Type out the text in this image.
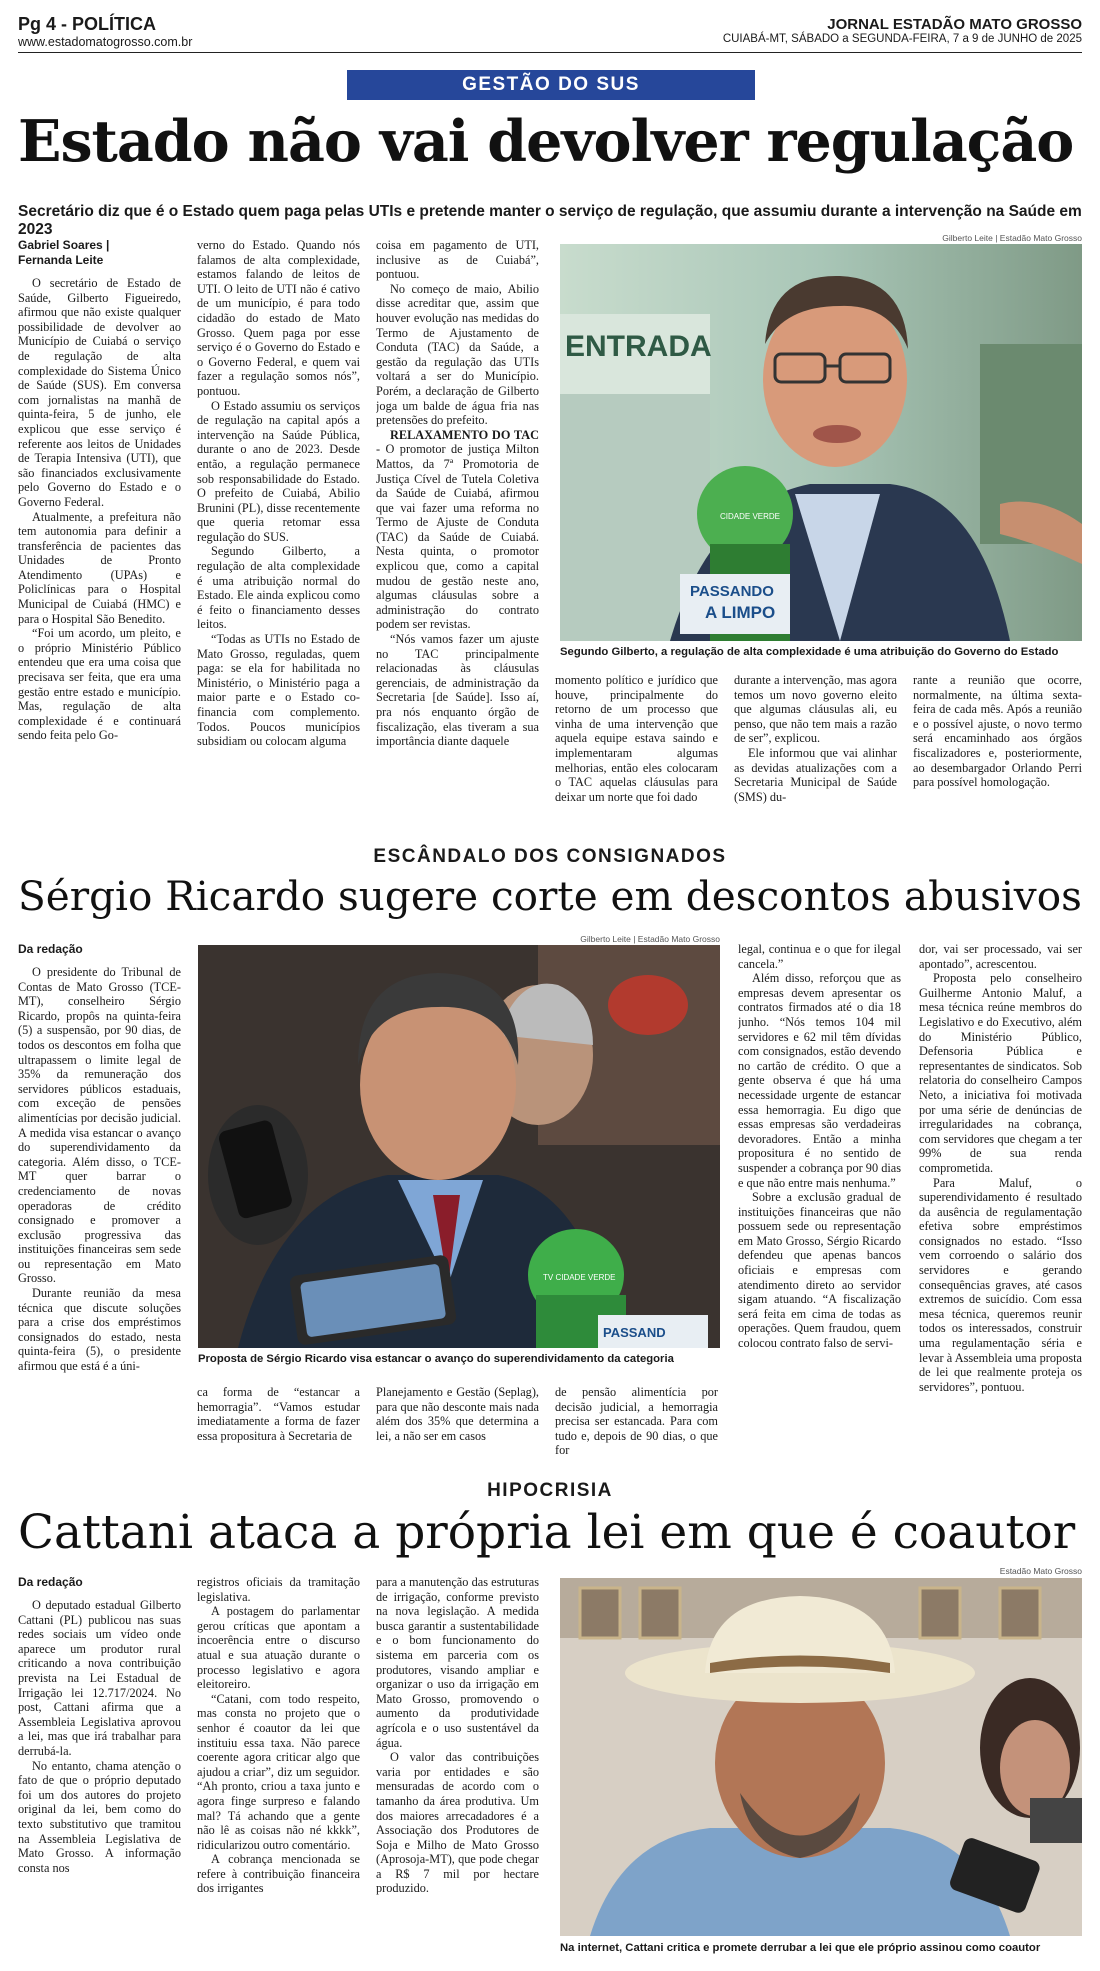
Pg 4 - POLÍTICA
www.estadomatogrosso.com.br
JORNAL ESTADÃO MATO GROSSO
CUIABÁ-MT, SÁBADO a SEGUNDA-FEIRA, 7 a 9 de JUNHO de 2025
GESTÃO DO SUS
Estado não vai devolver regulação
Secretário diz que é o Estado quem paga pelas UTIs e pretende manter o serviço de regulação, que assumiu durante a intervenção na Saúde em 2023
Gabriel Soares |
Fernanda Leite

O secretário de Estado de Saúde, Gilberto Figueiredo, afirmou que não existe qualquer possibilidade de devolver ao Município de Cuiabá o serviço de regulação de alta complexidade do Sistema Único de Saúde (SUS). Em conversa com jornalistas na manhã de quinta-feira, 5 de junho, ele explicou que esse serviço é referente aos leitos de Unidades de Terapia Intensiva (UTI), que são financiados exclusivamente pelo Governo do Estado e o Governo Federal.

Atualmente, a prefeitura não tem autonomia para definir a transferência de pacientes das Unidades de Pronto Atendimento (UPAs) e Policlínicas para o Hospital Municipal de Cuiabá (HMC) e para o Hospital São Benedito.

“Foi um acordo, um pleito, e o próprio Ministério Público entendeu que era uma coisa que precisava ser feita, que era uma gestão entre estado e município. Mas, regulação de alta complexidade é e continuará sendo feita pelo Go-

verno do Estado. Quando nós falamos de alta complexidade, estamos falando de leitos de UTI. O leito de UTI não é cativo de um município, é para todo cidadão do estado de Mato Grosso. Quem paga por esse serviço é o Governo do Estado e o Governo Federal, e quem vai fazer a regulação somos nós”, pontuou.

O Estado assumiu os serviços de regulação na capital após a intervenção na Saúde Pública, durante o ano de 2023. Desde então, a regulação permanece sob responsabilidade do Estado. O prefeito de Cuiabá, Abilio Brunini (PL), disse recentemente que queria retomar essa regulação do SUS.

Segundo Gilberto, a regulação de alta complexidade é uma atribuição normal do Estado. Ele ainda explicou como é feito o financiamento desses leitos.

“Todas as UTIs no Estado de Mato Grosso, reguladas, quem paga: se ela for habilitada no Ministério, o Ministério paga a maior parte e o Estado co-financia com complemento. Todos. Poucos municípios subsidiam ou colocam alguma

coisa em pagamento de UTI, inclusive as de Cuiabá”, pontuou.

No começo de maio, Abilio disse acreditar que, assim que houver evolução nas medidas do Termo de Ajustamento de Conduta (TAC) da Saúde, a gestão da regulação das UTIs voltará a ser do Município. Porém, a declaração de Gilberto joga um balde de água fria nas pretensões do prefeito.

RELAXAMENTO DO TAC - O promotor de justiça Milton Mattos, da 7ª Promotoria de Justiça Cível de Tutela Coletiva da Saúde de Cuiabá, afirmou que vai fazer uma reforma no Termo de Ajuste de Conduta (TAC) da Saúde de Cuiabá. Nesta quinta, o promotor explicou que, como a capital mudou de gestão neste ano, algumas cláusulas sobre a administração do contrato podem ser revistas.

“Nós vamos fazer um ajuste no TAC principalmente relacionadas às cláusulas gerenciais, de administração da Secretaria [de Saúde]. Isso aí, pra nós enquanto órgão de fiscalização, elas tiveram a sua importância diante daquele

momento político e jurídico que houve, principalmente do retorno de um processo que vinha de uma intervenção que aquela equipe estava saindo e implementaram algumas melhorias, então eles colocaram o TAC aquelas cláusulas para deixar um norte que foi dado

durante a intervenção, mas agora temos um novo governo eleito que algumas cláusulas ali, eu penso, que não tem mais a razão de ser”, explicou.

Ele informou que vai alinhar as devidas atualizações com a Secretaria Municipal de Saúde (SMS) du-

rante a reunião que ocorre, normalmente, na última sexta-feira de cada mês. Após a reunião e o possível ajuste, o novo termo será encaminhado aos órgãos fiscalizadores e, posteriormente, ao desembargador Orlando Perri para possível homologação.

Gilberto Leite | Estadão Mato Grosso
ENTRADA
CIDADE VERDE
PASSANDO
A LIMPO
Segundo Gilberto, a regulação de alta complexidade é uma atribuição do Governo do Estado
ESCÂNDALO DOS CONSIGNADOS
Sérgio Ricardo sugere corte em descontos abusivos
Da redação

O presidente do Tribunal de Contas de Mato Grosso (TCE-MT), conselheiro Sérgio Ricardo, propôs na quinta-feira (5) a suspensão, por 90 dias, de todos os descontos em folha que ultrapassem o limite legal de 35% da remuneração dos servidores públicos estaduais, com exceção de pensões alimentícias por decisão judicial. A medida visa estancar o avanço do superendividamento da categoria. Além disso, o TCE-MT quer barrar o credenciamento de novas operadoras de crédito consignado e promover a exclusão progressiva das instituições financeiras sem sede ou representação em Mato Grosso.

Durante reunião da mesa técnica que discute soluções para a crise dos empréstimos consignados do estado, nesta quinta-feira (5), o presidente afirmou que está é a úni-

Gilberto Leite | Estadão Mato Grosso
TV CIDADE VERDE
PASSAND
Proposta de Sérgio Ricardo visa estancar o avanço do superendividamento da categoria

ca forma de “estancar a hemorragia”. “Vamos estudar imediatamente a forma de fazer essa propositura à Secretaria de

Planejamento e Gestão (Seplag), para que não desconte mais nada além dos 35% que determina a lei, a não ser em casos

de pensão alimentícia por decisão judicial, a hemorragia precisa ser estancada. Para com tudo e, depois de 90 dias, o que for

legal, continua e o que for ilegal cancela.”

Além disso, reforçou que as empresas devem apresentar os contratos firmados até o dia 18 junho. “Nós temos 104 mil servidores e 62 mil têm dívidas com consignados, estão devendo no cartão de crédito. O que a gente observa é que há uma necessidade urgente de estancar essa hemorragia. Eu digo que essas empresas são verdadeiras devoradores. Então a minha propositura é no sentido de suspender a cobrança por 90 dias e que não entre mais nenhuma.”

Sobre a exclusão gradual de instituições financeiras que não possuem sede ou representação em Mato Grosso, Sérgio Ricardo defendeu que apenas bancos oficiais e empresas com atendimento direto ao servidor sigam atuando. “A fiscalização será feita em cima de todas as operações. Quem fraudou, quem colocou contrato falso de servi-

dor, vai ser processado, vai ser apontado”, acrescentou.

Proposta pelo conselheiro Guilherme Antonio Maluf, a mesa técnica reúne membros do Legislativo e do Executivo, além do Ministério Público, Defensoria Pública e representantes de sindicatos. Sob relatoria do conselheiro Campos Neto, a iniciativa foi motivada por uma série de denúncias de irregularidades na cobrança, com servidores que chegam a ter 99% de sua renda comprometida.

Para Maluf, o superendividamento é resultado da ausência de regulamentação efetiva sobre empréstimos consignados no estado. “Isso vem corroendo o salário dos servidores e gerando consequências graves, até casos extremos de suicídio. Com essa mesa técnica, queremos reunir todos os interessados, construir uma regulamentação séria e levar à Assembleia uma proposta de lei que realmente proteja os servidores”, pontuou.

HIPOCRISIA
Cattani ataca a própria lei em que é coautor
Da redação

O deputado estadual Gilberto Cattani (PL) publicou nas suas redes sociais um vídeo onde aparece um produtor rural criticando a nova contribuição prevista na Lei Estadual de Irrigação lei 12.717/2024. No post, Cattani afirma que a Assembleia Legislativa aprovou a lei, mas que irá trabalhar para derrubá-la.

No entanto, chama atenção o fato de que o próprio deputado foi um dos autores do projeto original da lei, bem como do texto substitutivo que tramitou na Assembleia Legislativa de Mato Grosso. A informação consta nos

registros oficiais da tramitação legislativa.

A postagem do parlamentar gerou críticas que apontam a incoerência entre o discurso atual e sua atuação durante o processo legislativo e agora eleitoreiro.

“Catani, com todo respeito, mas consta no projeto que o senhor é coautor da lei que instituiu essa taxa. Não parece coerente agora criticar algo que ajudou a criar”, diz um seguidor. “Ah pronto, criou a taxa junto e agora finge surpreso e falando mal? Tá achando que a gente não lê as coisas não né kkkk”, ridicularizou outro comentário.

A cobrança mencionada se refere à contribuição financeira dos irrigantes

para a manutenção das estruturas de irrigação, conforme previsto na nova legislação. A medida busca garantir a sustentabilidade e o bom funcionamento do sistema em parceria com os produtores, visando ampliar e organizar o uso da irrigação em Mato Grosso, promovendo o aumento da produtividade agrícola e o uso sustentável da água.

O valor das contribuições varia por entidades e são mensuradas de acordo com o tamanho da área produtiva. Um dos maiores arrecadadores é a Associação dos Produtores de Soja e Milho de Mato Grosso (Aprosoja-MT), que pode chegar a R$ 7 mil por hectare produzido.

Estadão Mato Grosso
Na internet, Cattani critica e promete derrubar a lei que ele próprio assinou como coautor
